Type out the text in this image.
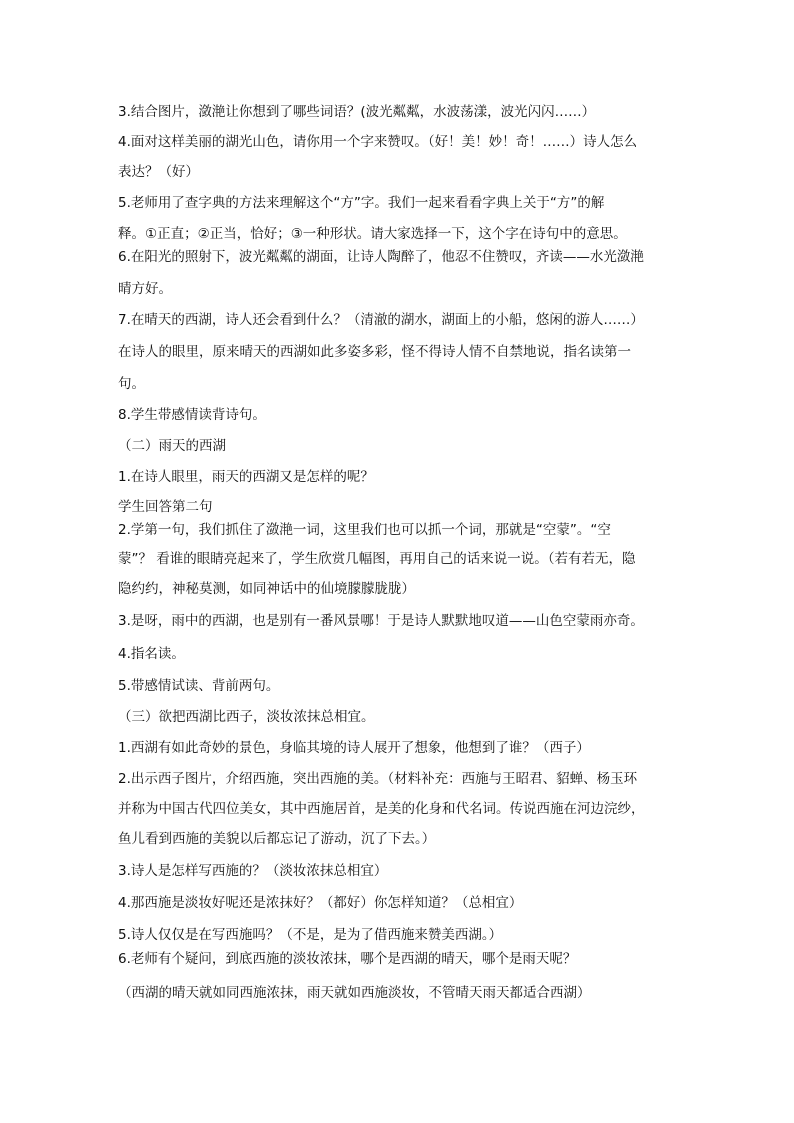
3.结合图片，潋滟让你想到了哪些词语？(波光粼粼，水波荡漾，波光闪闪……）
4.面对这样美丽的湖光山色，请你用一个字来赞叹。（好！美！妙！奇！……）诗人怎么
表达？（好）
5.老师用了查字典的方法来理解这个“方”字。我们一起来看看字典上关于“方”的解
释。①正直；②正当，恰好；③一种形状。请大家选择一下，这个字在诗句中的意思。
6.在阳光的照射下，波光粼粼的湖面，让诗人陶醉了，他忍不住赞叹，齐读——水光潋滟
晴方好。
7.在晴天的西湖，诗人还会看到什么？（清澈的湖水，湖面上的小船，悠闲的游人……）
在诗人的眼里，原来晴天的西湖如此多姿多彩，怪不得诗人情不自禁地说，指名读第一
句。
8.学生带感情读背诗句。
（二）雨天的西湖
1.在诗人眼里，雨天的西湖又是怎样的呢？
学生回答第二句
2.学第一句，我们抓住了潋滟一词，这里我们也可以抓一个词，那就是“空蒙”。“空
蒙”？ 看谁的眼睛亮起来了，学生欣赏几幅图，再用自己的话来说一说。（若有若无，隐
隐约约，神秘莫测，如同神话中的仙境朦朦胧胧）
3.是呀，雨中的西湖，也是别有一番风景哪！于是诗人默默地叹道——山色空蒙雨亦奇。
4.指名读。
5.带感情试读、背前两句。
（三）欲把西湖比西子，淡妆浓抹总相宜。
1.西湖有如此奇妙的景色，身临其境的诗人展开了想象，他想到了谁？（西子）
2.出示西子图片，介绍西施，突出西施的美。（材料补充：西施与王昭君、貂蝉、杨玉环
并称为中国古代四位美女，其中西施居首，是美的化身和代名词。传说西施在河边浣纱，
鱼儿看到西施的美貌以后都忘记了游动，沉了下去。）
3.诗人是怎样写西施的？（淡妆浓抹总相宜）
4.那西施是淡妆好呢还是浓抹好？（都好）你怎样知道？（总相宜）
5.诗人仅仅是在写西施吗？（不是，是为了借西施来赞美西湖。）
6.老师有个疑问，到底西施的淡妆浓抹，哪个是西湖的晴天，哪个是雨天呢？
（西湖的晴天就如同西施浓抹，雨天就如西施淡妆，不管晴天雨天都适合西湖）
